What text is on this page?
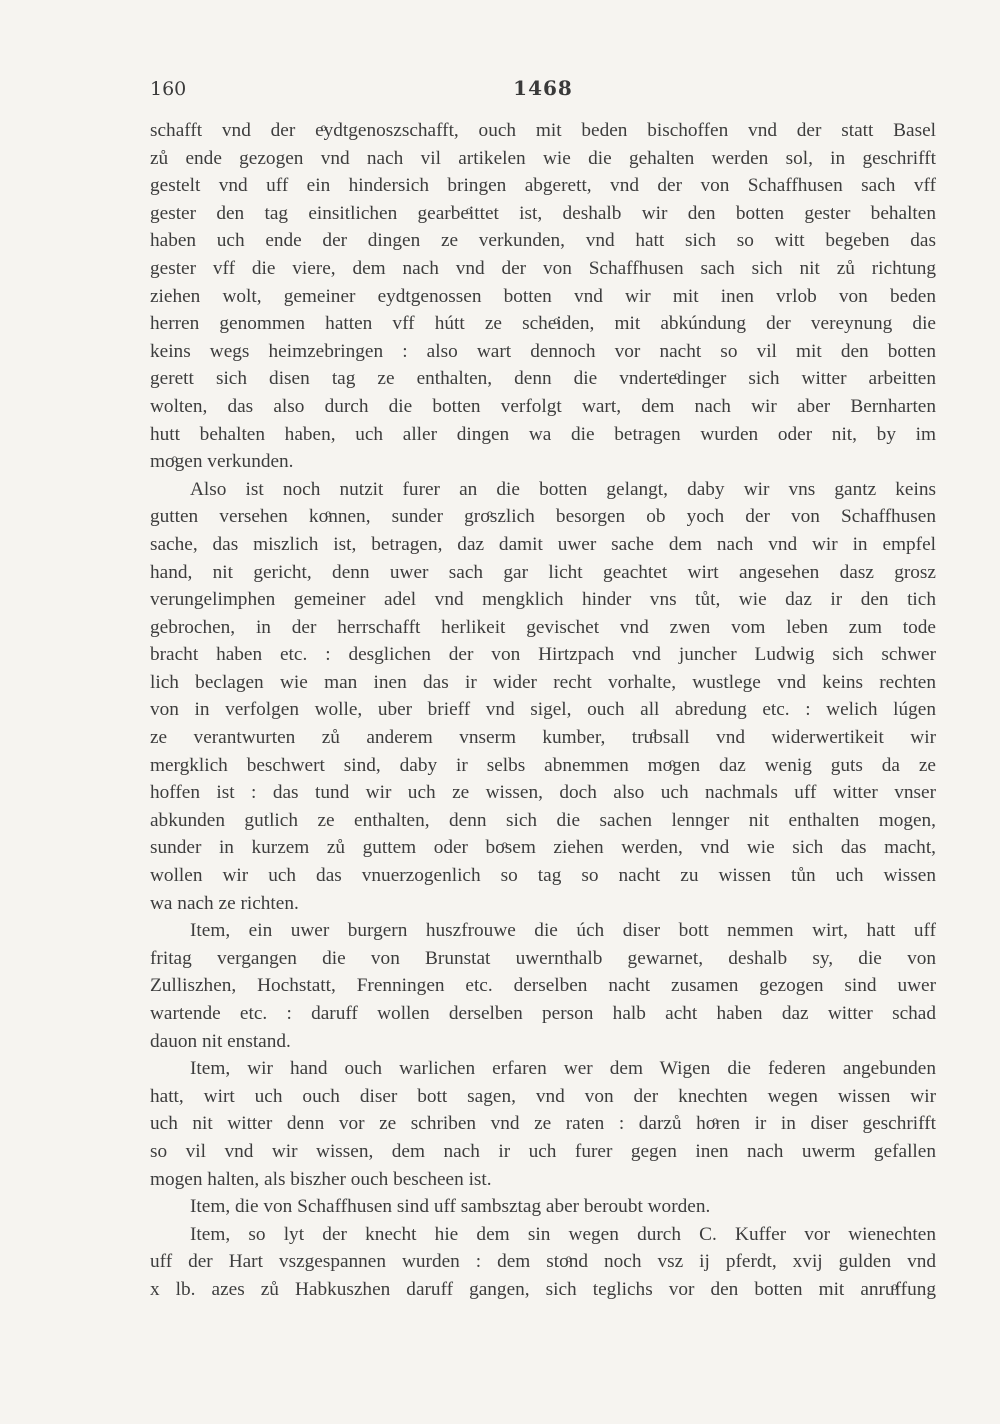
160	1468
schafft vnd der eͦydtgenoszschafft, ouch mit beden bischoffen vnd der statt Basel
zů ende gezogen vnd nach vil artikelen wie die gehalten werden sol, in geschrifft
gestelt vnd uff ein hindersich bringen abgerett, vnd der von Schaffhusen sach vff
gester den tag einsitlichen gearbeͦittet ist, deshalb wir den botten gester behalten
haben uch ende der dingen ze verkunden, vnd hatt sich so witt begeben das
gester vff die viere, dem nach vnd der von Schaffhusen sach sich nit zů richtung
ziehen wolt, gemeiner eydtgenossen botten vnd wir mit inen vrlob von beden
herren genommen hatten vff hútt ze scheͦiden, mit abkúndung der vereynung die
keins wegs heimzebringen : also wart dennoch vor nacht so vil mit den botten
gerett sich disen tag ze enthalten, denn die vnderteͦdinger sich witter arbeitten
wolten, das also durch die botten verfolgt wart, dem nach wir aber Bernharten
hutt behalten haben, uch aller dingen wa die betragen wurden oder nit, by im
moͦgen verkunden.
Also ist noch nutzit furer an die botten gelangt, daby wir vns gantz keins
gutten versehen koͦnnen, sunder groͦszlich besorgen ob yoch der von Schaffhusen
sache, das miszlich ist, betragen, daz damit uwer sache dem nach vnd wir in empfel
hand, nit gericht, denn uwer sach gar licht geachtet wirt angesehen dasz grosz
verungelimphen gemeiner adel vnd mengklich hinder vns tůt, wie daz ir den tich
gebrochen, in der herrschafft herlikeit gevischet vnd zwen vom leben zum tode
bracht haben etc. : desglichen der von Hirtzpach vnd juncher Ludwig sich schwer
lich beclagen wie man inen das ir wider recht vorhalte, wustlege vnd keins rechten
von in verfolgen wolle, uber brieff vnd sigel, ouch all abredung etc. : welich lúgen
ze verantwurten zů anderem vnserm kumber, truͦbsall vnd widerwertikeit wir
mergklich beschwert sind, daby ir selbs abnemmen moͦgen daz wenig guts da ze
hoffen ist : das tund wir uch ze wissen, doch also uch nachmals uff witter vnser
abkunden gutlich ze enthalten, denn sich die sachen lennger nit enthalten mogen,
sunder in kurzem zů guttem oder boͦsem ziehen werden, vnd wie sich das macht,
wollen wir uch das vnuerzogenlich so tag so nacht zu wissen tůn uch wissen
wa nach ze richten.
Item, ein uwer burgern huszfrouwe die úch diser bott nemmen wirt, hatt uff
fritag vergangen die von Brunstat uwernthalb gewarnet, deshalb sy, die von
Zulliszhen, Hochstatt, Frenningen etc. derselben nacht zusamen gezogen sind uwer
wartende etc. : daruff wollen derselben person halb acht haben daz witter schad
dauon nit enstand.
Item, wir hand ouch warlichen erfaren wer dem Wigen die federen angebunden
hatt, wirt uch ouch diser bott sagen, vnd von der knechten wegen wissen wir
uch nit witter denn vor ze schriben vnd ze raten : darzů hoͦren ir in diser geschrifft
so vil vnd wir wissen, dem nach ir uch furer gegen inen nach uwerm gefallen
mogen halten, als biszher ouch bescheen ist.
Item, die von Schaffhusen sind uff sambsztag aber beroubt worden.
Item, so lyt der knecht hie dem sin wegen durch C. Kuffer vor wienechten
uff der Hart vszgespannen wurden : dem stoͦnd noch vsz ij pferdt, xvij gulden vnd
x lb. azes zů Habkuszhen daruff gangen, sich teglichs vor den botten mit anruͦffung
